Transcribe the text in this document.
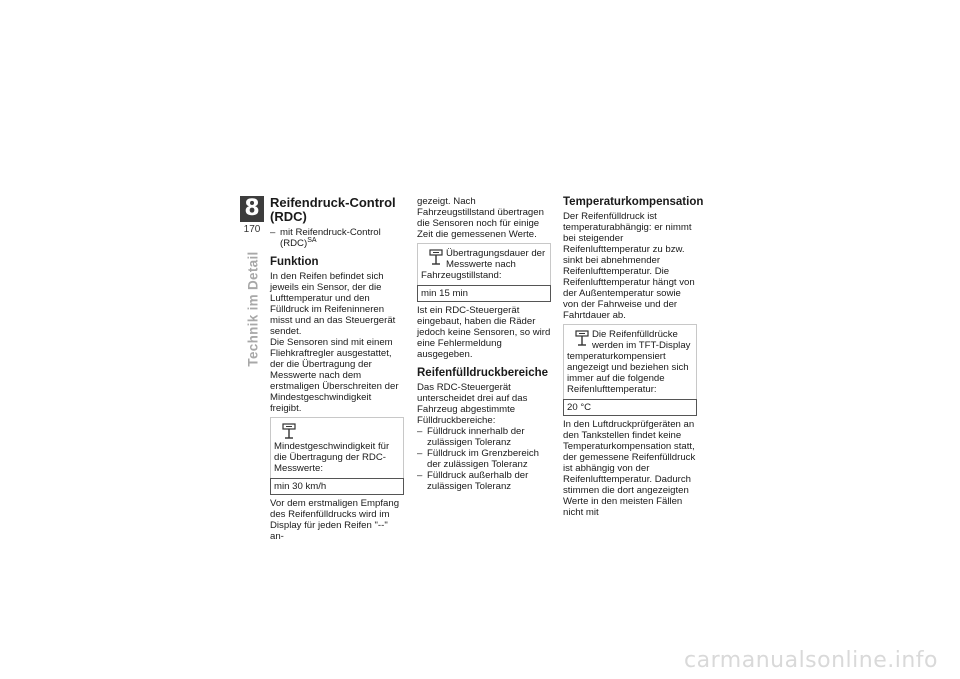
8
170
Technik im Detail
Reifendruck-Control (RDC)

– mit Reifendruck-Control (RDC)$^{SA}$

Funktion

In den Reifen befindet sich jeweils ein Sensor, der die Lufttemperatur und den Fülldruck im Reifeninneren misst und an das Steuergerät sendet.

Die Sensoren sind mit einem Fliehkraftregler ausgestattet, der die Übertragung der Messwerte nach dem erstmaligen Überschreiten der Mindestgeschwindigkeit freigibt.

Mindestgeschwindigkeit für die Übertragung der RDC-Messwerte:
min 30 km/h

Vor dem erstmaligen Empfang des Reifenfülldrucks wird im Display für jeden Reifen "--" an-

gezeigt. Nach Fahrzeugstillstand übertragen die Sensoren noch für einige Zeit die gemessenen Werte.

Übertragungsdauer der Messwerte nach Fahrzeugstillstand:
min 15 min

Ist ein RDC-Steuergerät eingebaut, haben die Räder jedoch keine Sensoren, so wird eine Fehlermeldung ausgegeben.

Reifenfülldruckbereiche

Das RDC-Steuergerät unterscheidet drei auf das Fahrzeug abgestimmte Fülldruckbereiche:

– Fülldruck innerhalb der zulässigen Toleranz

– Fülldruck im Grenzbereich der zulässigen Toleranz

– Fülldruck außerhalb der zulässigen Toleranz

Temperaturkompensation

Der Reifenfülldruck ist temperaturabhängig: er nimmt bei steigender Reifenlufttemperatur zu bzw. sinkt bei abnehmender Reifenlufttemperatur. Die Reifenlufttemperatur hängt von der Außentemperatur sowie von der Fahrweise und der Fahrtdauer ab.

Die Reifenfülldrücke werden im TFT-Display temperaturkompensiert angezeigt und beziehen sich immer auf die folgende Reifenlufttemperatur:
20 °C

In den Luftdruckprüfgeräten an den Tankstellen findet keine Temperaturkompensation statt, der gemessene Reifenfülldruck ist abhängig von der Reifenlufttemperatur. Dadurch stimmen die dort angezeigten Werte in den meisten Fällen nicht mit

carmanualsonline.info
